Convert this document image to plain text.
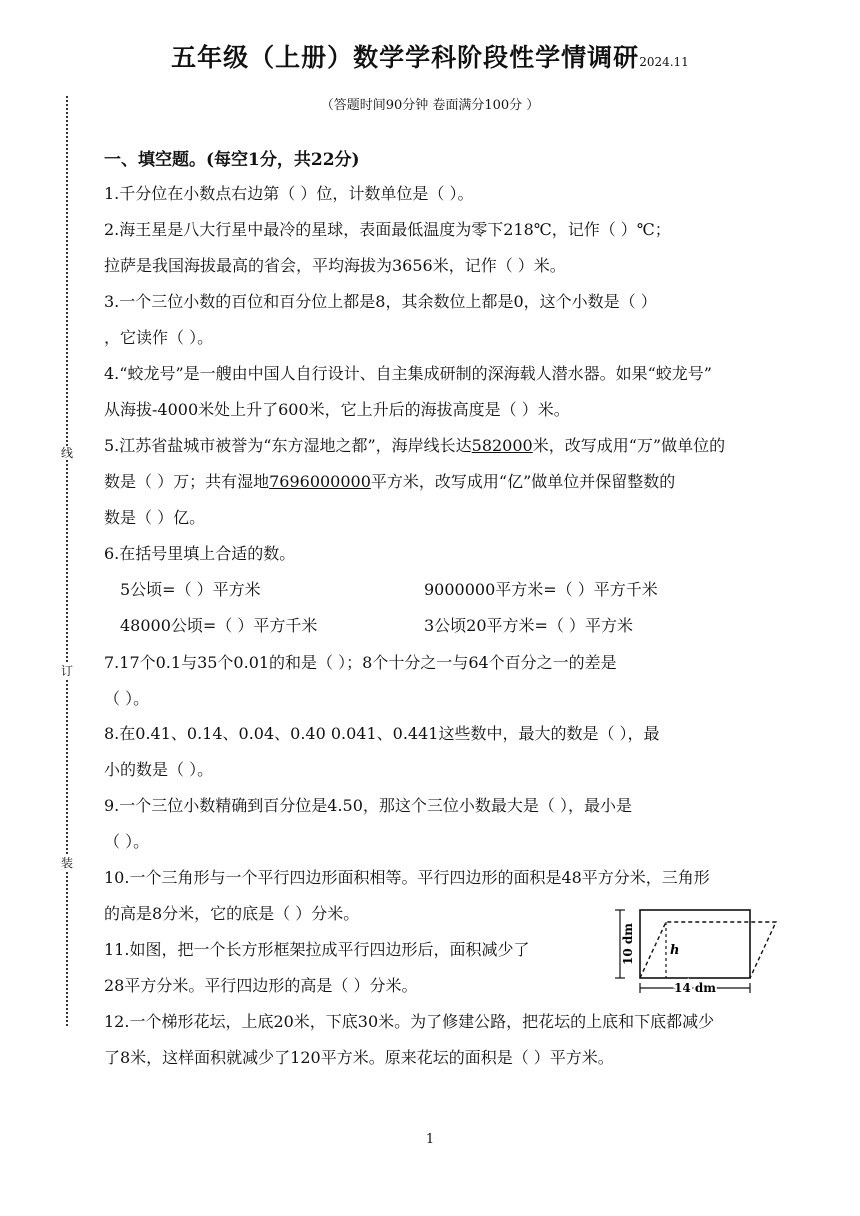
线
订
装
五年级（上册）数学学科阶段性学情调研2024.11
（答题时间90分钟 卷面满分100分 ）
一、填空题。(每空1分，共22分)
1.千分位在小数点右边第（ ）位，计数单位是（ ）。
2.海王星是八大行星中最冷的星球，表面最低温度为零下218℃，记作（ ）℃；
拉萨是我国海拔最高的省会，平均海拔为3656米，记作（ ）米。
3.一个三位小数的百位和百分位上都是8，其余数位上都是0，这个小数是（ ）
，它读作（ ）。
4.“蛟龙号”是一艘由中国人自行设计、自主集成研制的深海载人潜水器。如果“蛟龙号”
从海拔-4000米处上升了600米，它上升后的海拔高度是（ ）米。
5.江苏省盐城市被誉为“东方湿地之都”，海岸线长达582000米，改写成用“万”做单位的
数是（ ）万；共有湿地7696000000平方米，改写成用“亿”做单位并保留整数的
数是（ ）亿。
6.在括号里填上合适的数。
5公顷=（ ）平方米	9000000平方米=（ ）平方千米
48000公顷=（ ）平方千米	3公顷20平方米=（ ）平方米
7.17个0.1与35个0.01的和是（ ）；8个十分之一与64个百分之一的差是
（ ）。
8.在0.41、0.14、0.04、0.40 0.041、0.441这些数中，最大的数是（ ），最
小的数是（ ）。
9.一个三位小数精确到百分位是4.50，那这个三位小数最大是（ ），最小是
（ ）。
10.一个三角形与一个平行四边形面积相等。平行四边形的面积是48平方分米，三角形
的高是8分米，它的底是（ ）分米。
11.如图，把一个长方形框架拉成平行四边形后，面积减少了
28平方分米。平行四边形的高是（ ）分米。
12.一个梯形花坛，上底20米，下底30米。为了修建公路，把花坛的上底和下底都减少
了8米，这样面积就减少了120平方米。原来花坛的面积是（ ）平方米。
10 dm	h
14 dm
1
